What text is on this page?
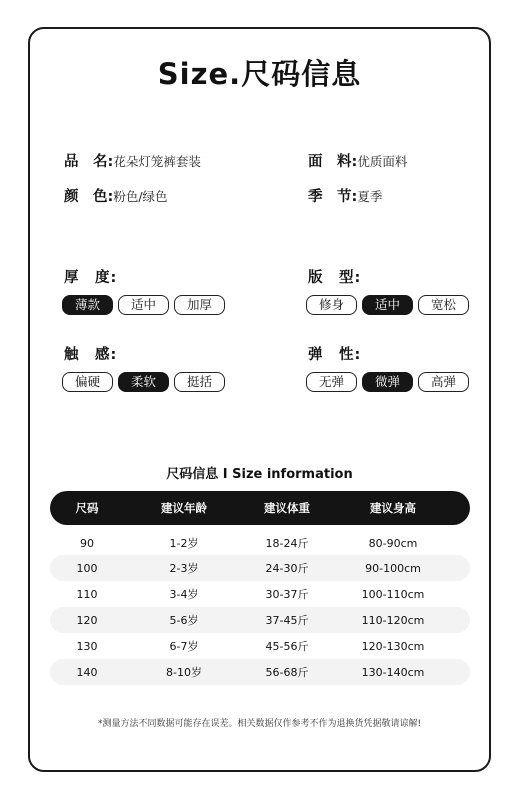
Size.尺码信息
品　名:花朵灯笼裤套装	面　料:优质面料
颜　色:粉色/绿色	季　节:夏季
厚　度:
薄款	适中	加厚
版　型:
修身	适中	宽松
触　感:
偏硬	柔软	挺括
弹　性:
无弹	微弹	高弹
尺码信息 I Size information
尺码	建议年龄	建议体重	建议身高
90	1-2岁	18-24斤	80-90cm
100	2-3岁	24-30斤	90-100cm
110	3-4岁	30-37斤	100-110cm
120	5-6岁	37-45斤	110-120cm
130	6-7岁	45-56斤	120-130cm
140	8-10岁	56-68斤	130-140cm
*测量方法不同数据可能存在误差。相关数据仅作参考不作为退换货凭据敬请谅解!
